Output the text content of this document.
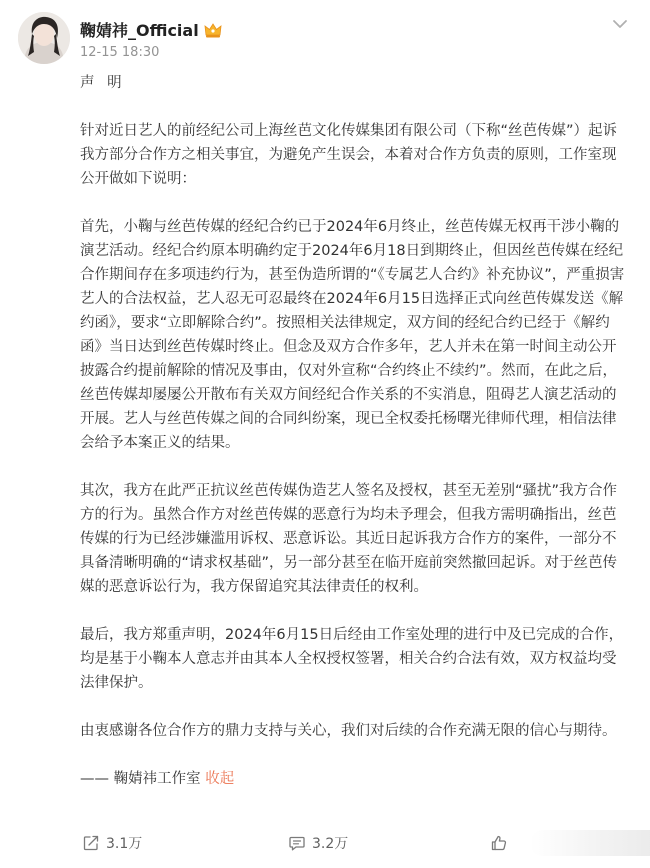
鞠婧祎_Official
12-15 18:30
声 明
针对近日艺人的前经纪公司上海丝芭文化传媒集团有限公司（下称“丝芭传媒”）起诉我方部分合作方之相关事宜，为避免产生误会，本着对合作方负责的原则，工作室现公开做如下说明：
首先，小鞠与丝芭传媒的经纪合约已于2024年6月终止，丝芭传媒无权再干涉小鞠的演艺活动。经纪合约原本明确约定于2024年6月18日到期终止，但因丝芭传媒在经纪合作期间存在多项违约行为，甚至伪造所谓的“《专属艺人合约》补充协议”，严重损害艺人的合法权益，艺人忍无可忍最终在2024年6月15日选择正式向丝芭传媒发送《解约函》，要求“立即解除合约”。按照相关法律规定，双方间的经纪合约已经于《解约函》当日达到丝芭传媒时终止。但念及双方合作多年，艺人并未在第一时间主动公开披露合约提前解除的情况及事由，仅对外宣称“合约终止不续约”。然而，在此之后，丝芭传媒却屡屡公开散布有关双方间经纪合作关系的不实消息，阻碍艺人演艺活动的开展。艺人与丝芭传媒之间的合同纠纷案，现已全权委托杨曙光律师代理，相信法律会给予本案正义的结果。
其次，我方在此严正抗议丝芭传媒伪造艺人签名及授权，甚至无差别“骚扰”我方合作方的行为。虽然合作方对丝芭传媒的恶意行为均未予理会，但我方需明确指出，丝芭传媒的行为已经涉嫌滥用诉权、恶意诉讼。其近日起诉我方合作方的案件，一部分不具备清晰明确的“请求权基础”，另一部分甚至在临开庭前突然撤回起诉。对于丝芭传媒的恶意诉讼行为，我方保留追究其法律责任的权利。
最后，我方郑重声明，2024年6月15日后经由工作室处理的进行中及已完成的合作，均是基于小鞠本人意志并由其本人全权授权签署，相关合约合法有效，双方权益均受法律保护。
由衷感谢各位合作方的鼎力支持与关心，我们对后续的合作充满无限的信心与期待。
—— 鞠婧祎工作室 收起
3.1万	3.2万
